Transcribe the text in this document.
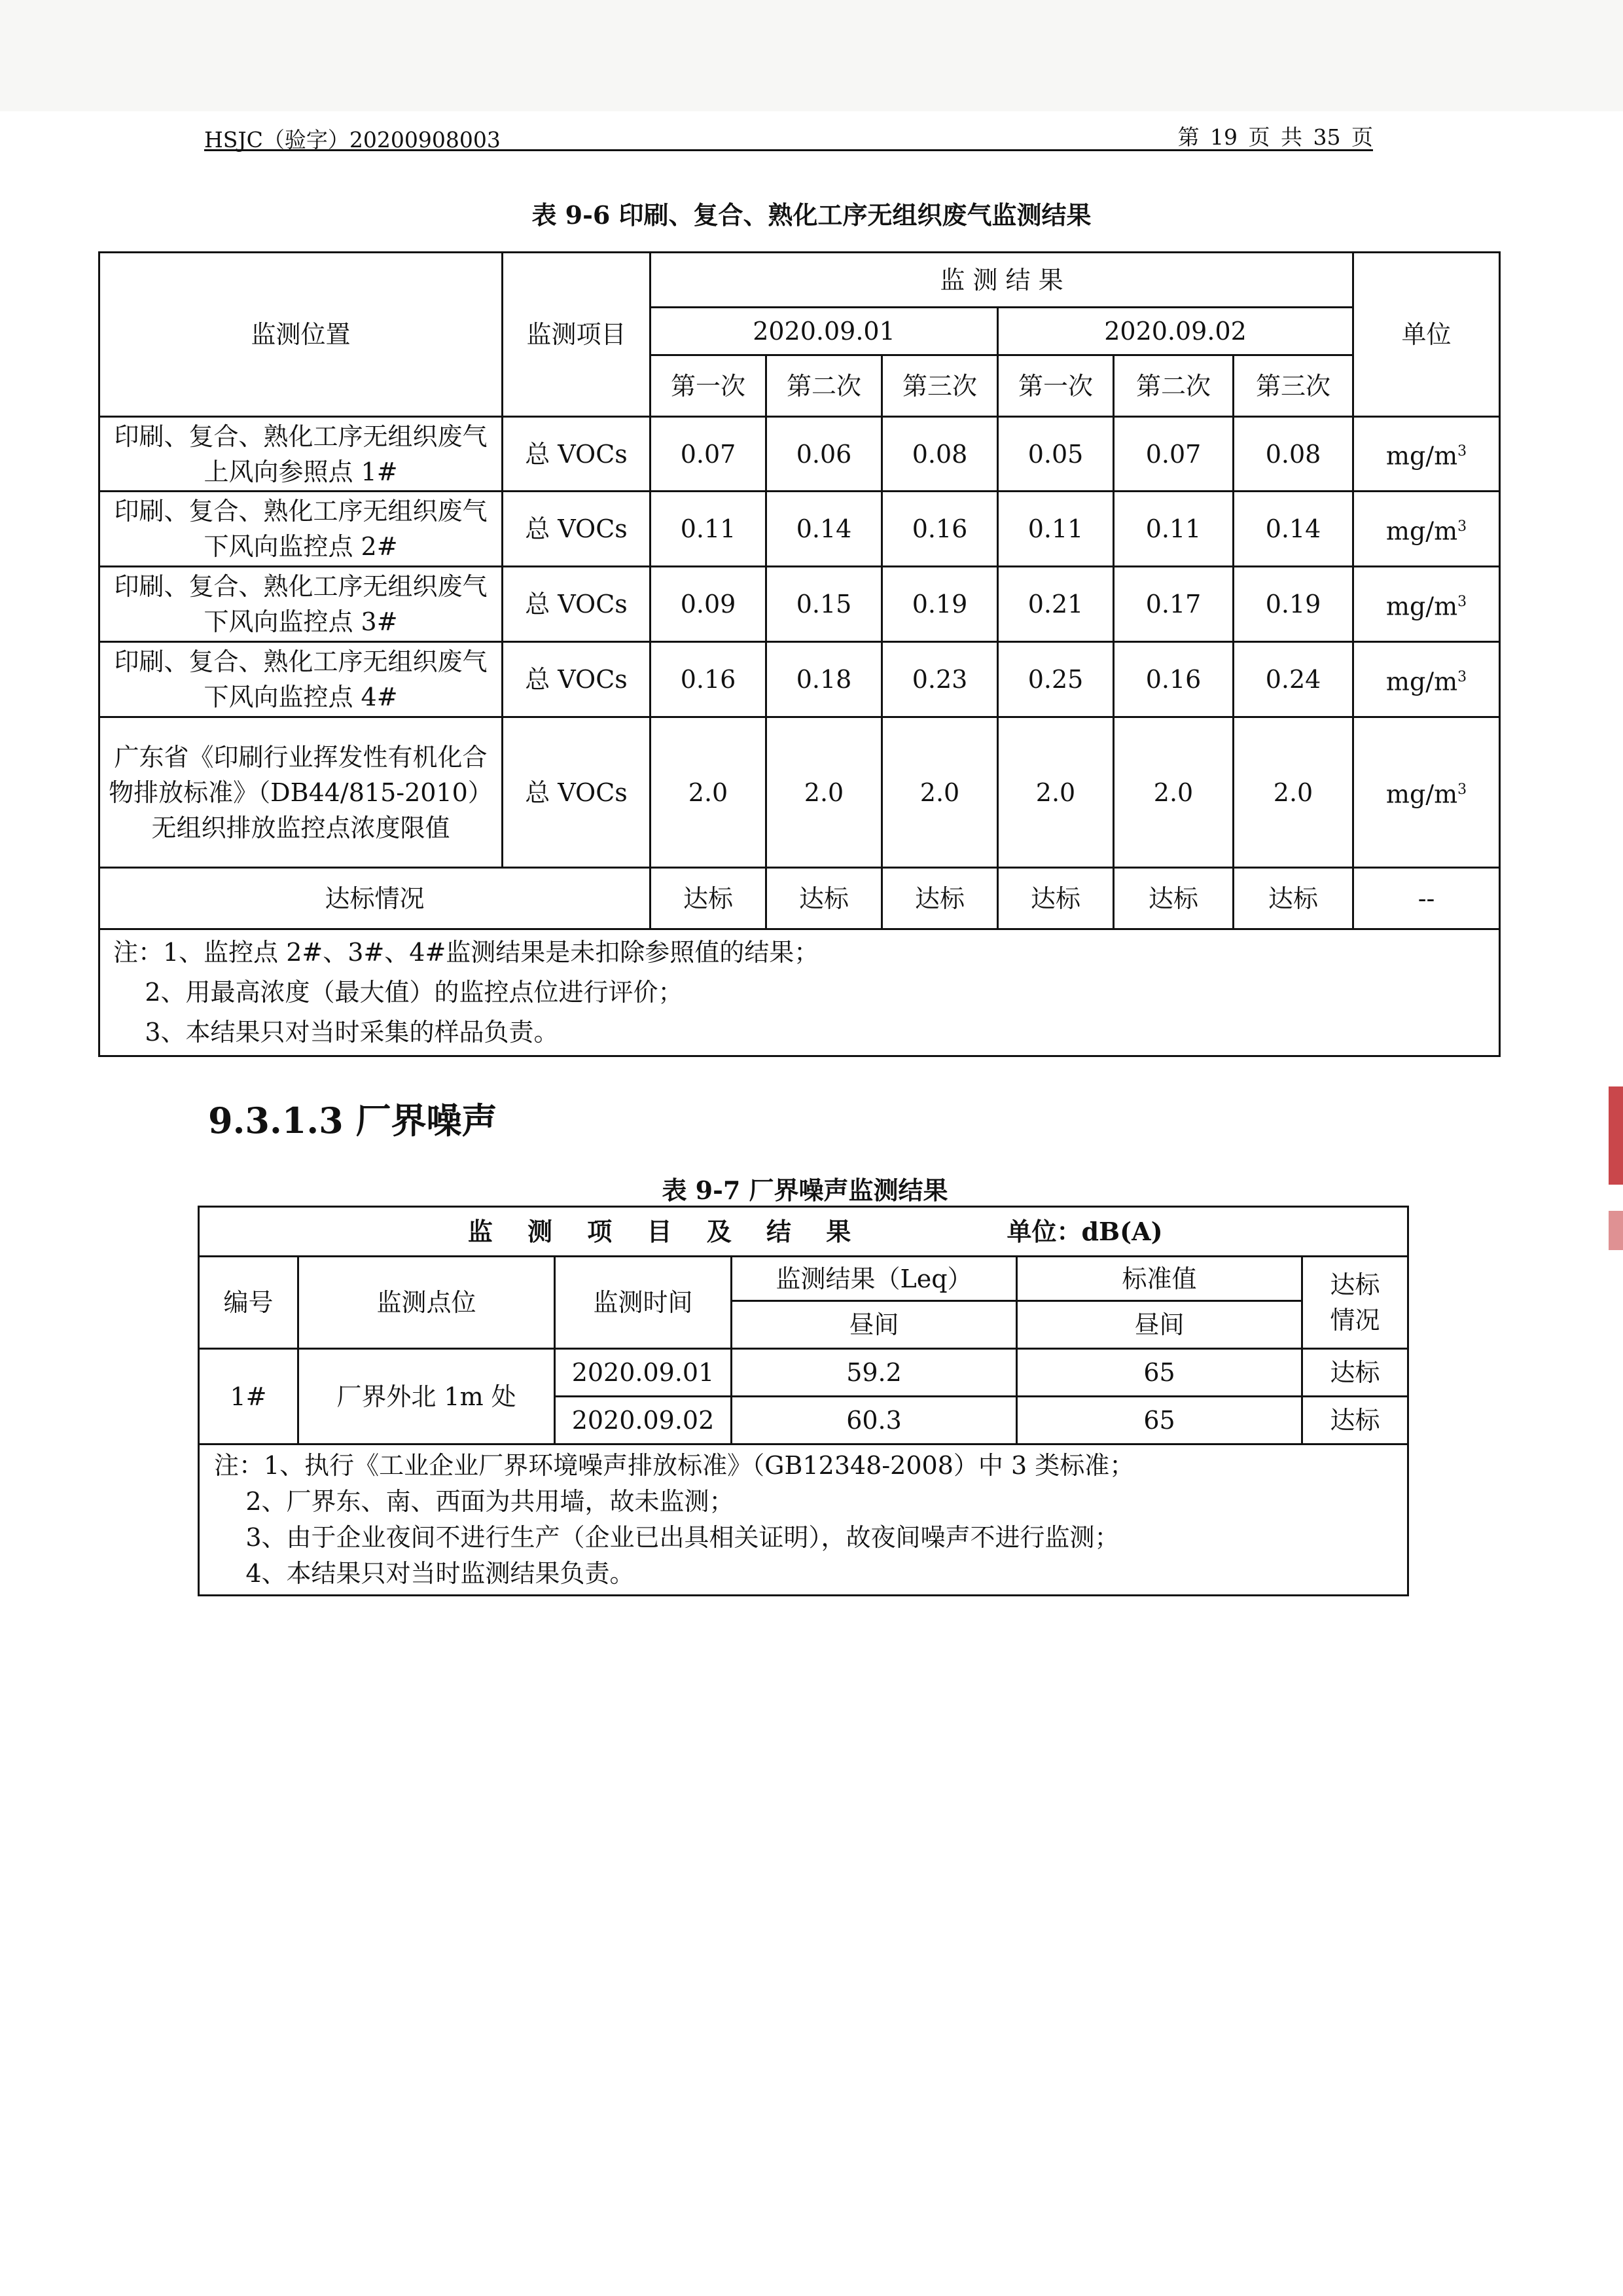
HSJC（验字）20200908003	第 19 页 共 35 页
表 9-6 印刷、复合、熟化工序无组织废气监测结果
监测位置	监测项目	监 测 结 果						单位
		2020.09.01			2020.09.02			
		第一次	第二次	第三次	第一次	第二次	第三次	
印刷、复合、熟化工序无组织废气上风向参照点 1#	总 VOCs	0.07	0.06	0.08	0.05	0.07	0.08	$mg/m^3$
印刷、复合、熟化工序无组织废气下风向监控点 2#	总 VOCs	0.11	0.14	0.16	0.11	0.11	0.14	$mg/m^3$
印刷、复合、熟化工序无组织废气下风向监控点 3#	总 VOCs	0.09	0.15	0.19	0.21	0.17	0.19	$mg/m^3$
印刷、复合、熟化工序无组织废气下风向监控点 4#	总 VOCs	0.16	0.18	0.23	0.25	0.16	0.24	$mg/m^3$
广东省《印刷行业挥发性有机化合物排放标准》（DB44/815-2010）无组织排放监控点浓度限值	总 VOCs	2.0	2.0	2.0	2.0	2.0	2.0	$mg/m^3$
达标情况		达标	达标	达标	达标	达标	达标	--

注：1、监控点 2#、3#、4#监测结果是未扣除参照值的结果；
2、用最高浓度（最大值）的监控点位进行评价；
3、本结果只对当时采集的样品负责。								
9.3.1.3 厂界噪声
表 9-7 厂界噪声监测结果
监 测 项 目 及 结 果 单位：dB(A)					
编号	监测点位	监测时间	监测结果（Leq）	标准值	达标情况
			昼间	昼间	
1#	厂界外北 1m 处	2020.09.01	59.2	65	达标
		2020.09.02	60.3	65	达标

注：1、执行《工业企业厂界环境噪声排放标准》（GB12348-2008）中 3 类标准；
2、厂界东、南、西面为共用墙，故未监测；
3、由于企业夜间不进行生产（企业已出具相关证明），故夜间噪声不进行监测；
4、本结果只对当时监测结果负责。					
